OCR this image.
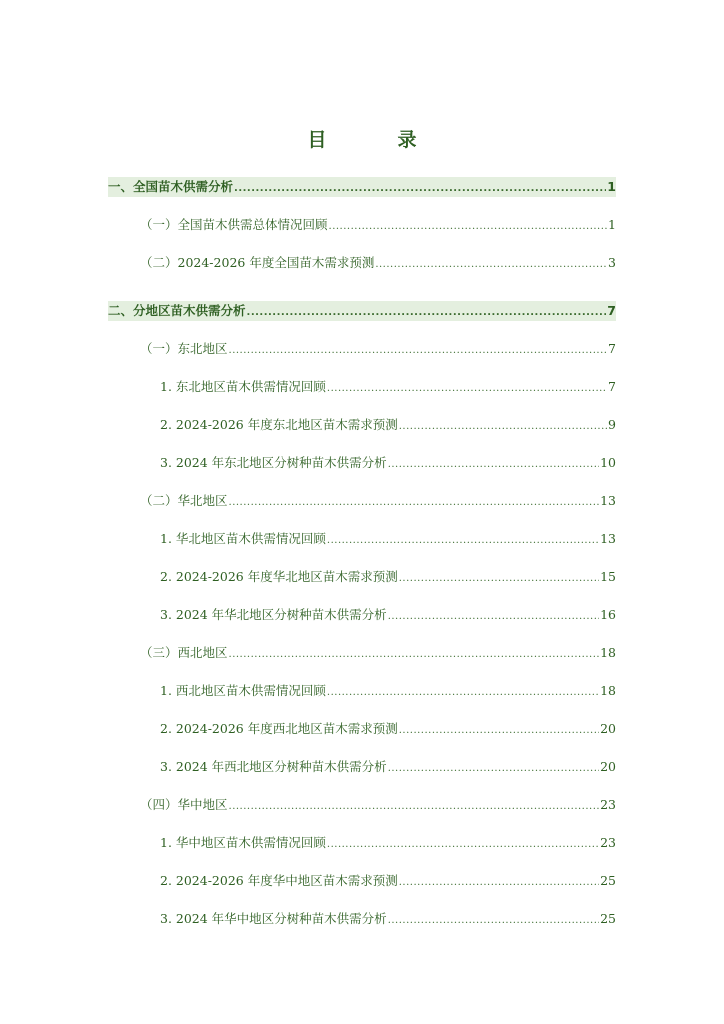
目　录
一、全国苗木供需分析 .....	1
（一）全国苗木供需总体情况回顾 .....	1
（二）2024-2026 年度全国苗木需求预测 .....	3
二、分地区苗木供需分析 .....	7
（一）东北地区 .....	7
1. 东北地区苗木供需情况回顾 .....	7
2. 2024-2026 年度东北地区苗木需求预测 .....	9
3. 2024 年东北地区分树种苗木供需分析 .....	10
（二）华北地区 .....	13
1. 华北地区苗木供需情况回顾 .....	13
2. 2024-2026 年度华北地区苗木需求预测 .....	15
3. 2024 年华北地区分树种苗木供需分析 .....	16
（三）西北地区 .....	18
1. 西北地区苗木供需情况回顾 .....	18
2. 2024-2026 年度西北地区苗木需求预测 .....	20
3. 2024 年西北地区分树种苗木供需分析 .....	20
（四）华中地区 .....	23
1. 华中地区苗木供需情况回顾 .....	23
2. 2024-2026 年度华中地区苗木需求预测 .....	25
3. 2024 年华中地区分树种苗木供需分析 .....	25
